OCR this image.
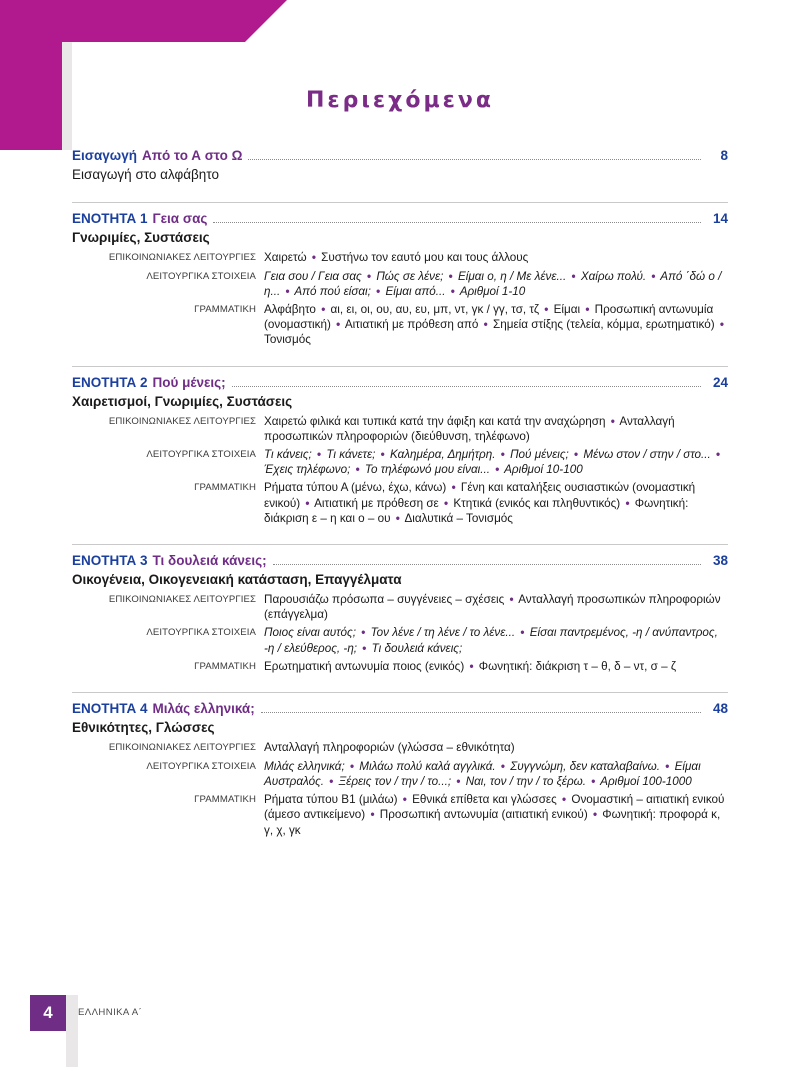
Περιεχόμενα
Εισαγωγή Από το Α στο Ω	8
Εισαγωγή στο αλφάβητο
ΕΝΟΤΗΤΑ 1 Γεια σας	14
Γνωριμίες, Συστάσεις
ΕΠΙΚΟΙΝΩΝΙΑΚΕΣ ΛΕΙΤΟΥΡΓΙΕΣ Χαιρετώ • Συστήνω τον εαυτό μου και τους άλλους
ΛΕΙΤΟΥΡΓΙΚΑ ΣΤΟΙΧΕΙΑ Γεια σου / Γεια σας • Πώς σε λένε; • Είμαι ο, η / Με λένε... • Χαίρω πολύ. • Από ΄δώ ο / η... • Από πού είσαι; • Είμαι από... • Αριθμοί 1-10
ΓΡΑΜΜΑΤΙΚΗ Αλφάβητο • αι, ει, οι, ου, αυ, ευ, μπ, ντ, γκ / γγ, τσ, τζ • Είμαι • Προσωπική αντωνυμία (ονομαστική) • Αιτιατική με πρόθεση από • Σημεία στίξης (τελεία, κόμμα, ερωτηματικό) • Τονισμός
ΕΝΟΤΗΤΑ 2 Πού μένεις;	24
Χαιρετισμοί, Γνωριμίες, Συστάσεις
ΕΠΙΚΟΙΝΩΝΙΑΚΕΣ ΛΕΙΤΟΥΡΓΙΕΣ Χαιρετώ φιλικά και τυπικά κατά την άφιξη και κατά την αναχώρηση • Ανταλλαγή προσωπικών πληροφοριών (διεύθυνση, τηλέφωνο)
ΛΕΙΤΟΥΡΓΙΚΑ ΣΤΟΙΧΕΙΑ Τι κάνεις; • Τι κάνετε; • Καλημέρα, Δημήτρη. • Πού μένεις; • Μένω στον / στην / στο... • Έχεις τηλέφωνο; • Το τηλέφωνό μου είναι... • Αριθμοί 10-100
ΓΡΑΜΜΑΤΙΚΗ Ρήματα τύπου Α (μένω, έχω, κάνω) • Γένη και καταλήξεις ουσιαστικών (ονομαστική ενικού) • Αιτιατική με πρόθεση σε • Κτητικά (ενικός και πληθυντικός) • Φωνητική: διάκριση ε – η και ο – ου • Διαλυτικά – Τονισμός
ΕΝΟΤΗΤΑ 3 Τι δουλειά κάνεις;	38
Οικογένεια, Οικογενειακή κατάσταση, Επαγγέλματα
ΕΠΙΚΟΙΝΩΝΙΑΚΕΣ ΛΕΙΤΟΥΡΓΙΕΣ Παρουσιάζω πρόσωπα – συγγένειες – σχέσεις • Ανταλλαγή προσωπικών πληροφοριών (επάγγελμα)
ΛΕΙΤΟΥΡΓΙΚΑ ΣΤΟΙΧΕΙΑ Ποιος είναι αυτός; • Τον λένε / τη λένε / το λένε... • Είσαι παντρεμένος, -η / ανύπαντρος, -η / ελεύθερος, -η; • Τι δουλειά κάνεις;
ΓΡΑΜΜΑΤΙΚΗ Ερωτηματική αντωνυμία ποιος (ενικός) • Φωνητική: διάκριση τ – θ, δ – ντ, σ – ζ
ΕΝΟΤΗΤΑ 4 Μιλάς ελληνικά;	48
Εθνικότητες, Γλώσσες
ΕΠΙΚΟΙΝΩΝΙΑΚΕΣ ΛΕΙΤΟΥΡΓΙΕΣ Ανταλλαγή πληροφοριών (γλώσσα – εθνικότητα)
ΛΕΙΤΟΥΡΓΙΚΑ ΣΤΟΙΧΕΙΑ Μιλάς ελληνικά; • Μιλάω πολύ καλά αγγλικά. • Συγγνώμη, δεν καταλαβαίνω. • Είμαι Αυστραλός. • Ξέρεις τον / την / το...; • Ναι, τον / την / το ξέρω. • Αριθμοί 100-1000
ΓΡΑΜΜΑΤΙΚΗ Ρήματα τύπου Β1 (μιλάω) • Εθνικά επίθετα και γλώσσες • Ονομαστική – αιτιατική ενικού (άμεσο αντικείμενο) • Προσωπική αντωνυμία (αιτιατική ενικού) • Φωνητική: προφορά κ, γ, χ, γκ
4	ΕΛΛΗΝΙΚΑ Α΄
